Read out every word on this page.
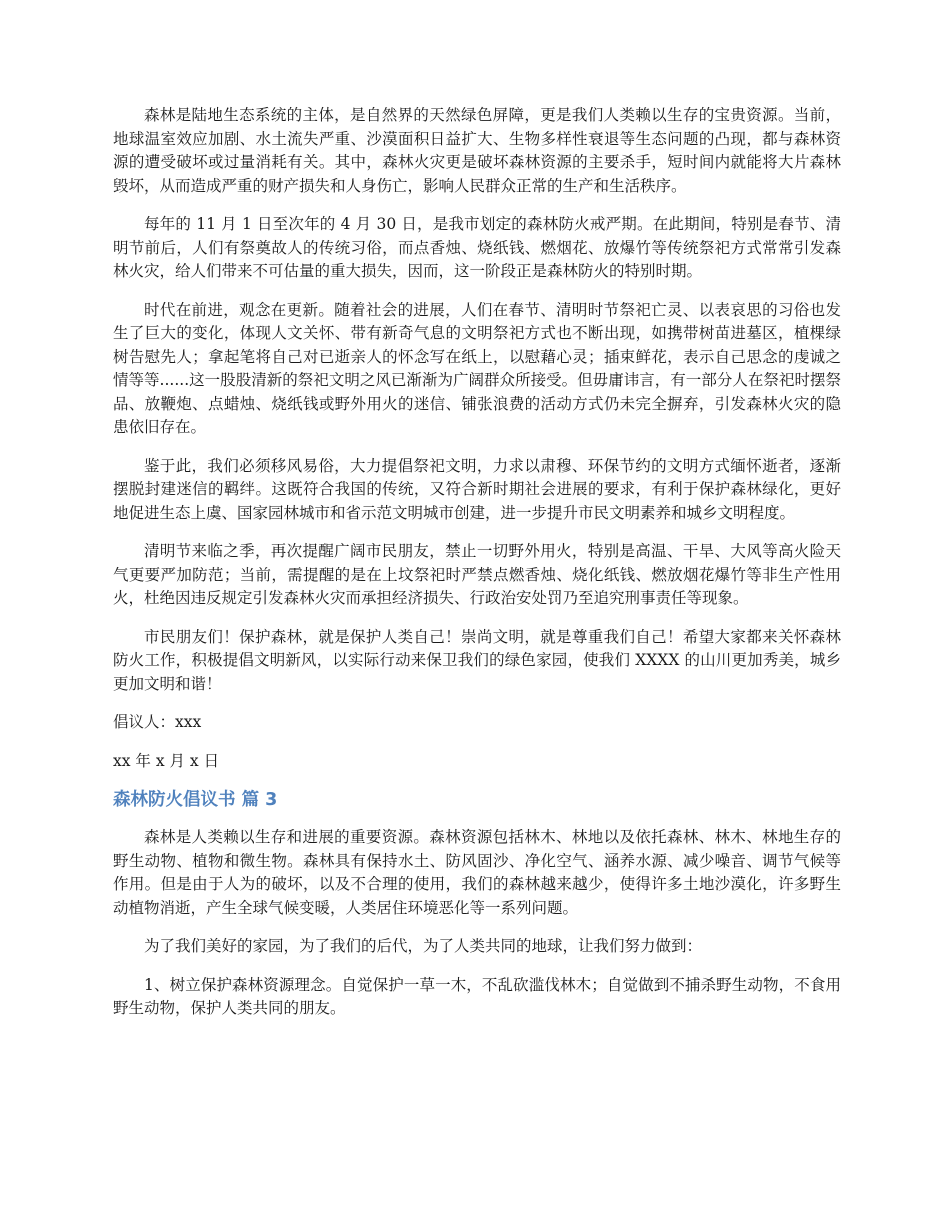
森林是陆地生态系统的主体，是自然界的天然绿色屏障，更是我们人类赖以生存的宝贵资源。当前，地球温室效应加剧、水土流失严重、沙漠面积日益扩大、生物多样性衰退等生态问题的凸现，都与森林资源的遭受破坏或过量消耗有关。其中，森林火灾更是破坏森林资源的主要杀手，短时间内就能将大片森林毁坏，从而造成严重的财产损失和人身伤亡，影响人民群众正常的生产和生活秩序。

每年的 11 月 1 日至次年的 4 月 30 日，是我市划定的森林防火戒严期。在此期间，特别是春节、清明节前后，人们有祭奠故人的传统习俗，而点香烛、烧纸钱、燃烟花、放爆竹等传统祭祀方式常常引发森林火灾，给人们带来不可估量的重大损失，因而，这一阶段正是森林防火的特别时期。

时代在前进，观念在更新。随着社会的进展，人们在春节、清明时节祭祀亡灵、以表哀思的习俗也发生了巨大的变化，体现人文关怀、带有新奇气息的文明祭祀方式也不断出现，如携带树苗进墓区，植棵绿树告慰先人；拿起笔将自己对已逝亲人的怀念写在纸上，以慰藉心灵；插束鲜花，表示自己思念的虔诚之情等等......这一股股清新的祭祀文明之风已渐渐为广阔群众所接受。但毋庸讳言，有一部分人在祭祀时摆祭品、放鞭炮、点蜡烛、烧纸钱或野外用火的迷信、铺张浪费的活动方式仍未完全摒弃，引发森林火灾的隐患依旧存在。

鉴于此，我们必须移风易俗，大力提倡祭祀文明，力求以肃穆、环保节约的文明方式缅怀逝者，逐渐摆脱封建迷信的羁绊。这既符合我国的传统，又符合新时期社会进展的要求，有利于保护森林绿化，更好地促进生态上虞、国家园林城市和省示范文明城市创建，进一步提升市民文明素养和城乡文明程度。

清明节来临之季，再次提醒广阔市民朋友，禁止一切野外用火，特别是高温、干旱、大风等高火险天气更要严加防范；当前，需提醒的是在上坟祭祀时严禁点燃香烛、烧化纸钱、燃放烟花爆竹等非生产性用火，杜绝因违反规定引发森林火灾而承担经济损失、行政治安处罚乃至追究刑事责任等现象。

市民朋友们！保护森林，就是保护人类自己！崇尚文明，就是尊重我们自己！希望大家都来关怀森林防火工作，积极提倡文明新风，以实际行动来保卫我们的绿色家园，使我们 XXXX 的山川更加秀美，城乡更加文明和谐！

倡议人：xxx

xx 年 x 月 x 日

森林防火倡议书 篇 3

森林是人类赖以生存和进展的重要资源。森林资源包括林木、林地以及依托森林、林木、林地生存的野生动物、植物和微生物。森林具有保持水土、防风固沙、净化空气、涵养水源、减少噪音、调节气候等作用。但是由于人为的破坏，以及不合理的使用，我们的森林越来越少，使得许多土地沙漠化，许多野生动植物消逝，产生全球气候变暖，人类居住环境恶化等一系列问题。

为了我们美好的家园，为了我们的后代，为了人类共同的地球，让我们努力做到：

1、树立保护森林资源理念。自觉保护一草一木，不乱砍滥伐林木；自觉做到不捕杀野生动物，不食用野生动物，保护人类共同的朋友。
